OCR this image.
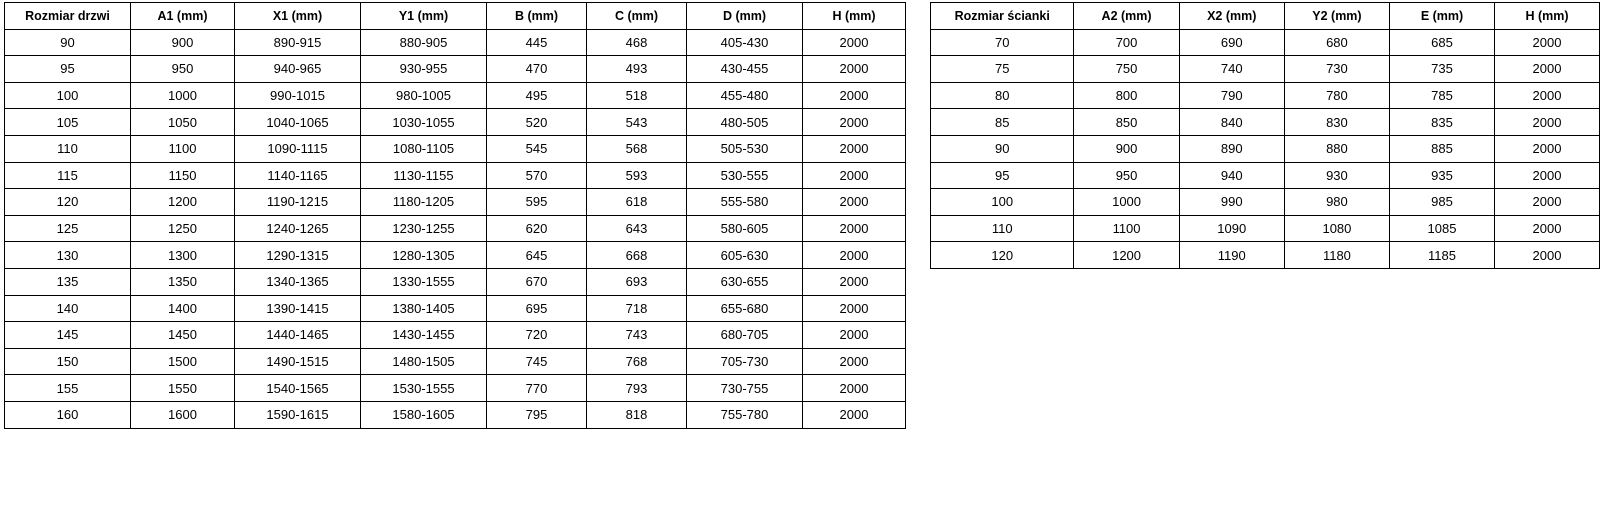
Rozmiar drzwi	A1 (mm)	X1 (mm)	Y1 (mm)	B (mm)	C (mm)	D (mm)	H (mm)
90	900	890-915	880-905	445	468	405-430	2000
95	950	940-965	930-955	470	493	430-455	2000
100	1000	990-1015	980-1005	495	518	455-480	2000
105	1050	1040-1065	1030-1055	520	543	480-505	2000
110	1100	1090-1115	1080-1105	545	568	505-530	2000
115	1150	1140-1165	1130-1155	570	593	530-555	2000
120	1200	1190-1215	1180-1205	595	618	555-580	2000
125	1250	1240-1265	1230-1255	620	643	580-605	2000
130	1300	1290-1315	1280-1305	645	668	605-630	2000
135	1350	1340-1365	1330-1555	670	693	630-655	2000
140	1400	1390-1415	1380-1405	695	718	655-680	2000
145	1450	1440-1465	1430-1455	720	743	680-705	2000
150	1500	1490-1515	1480-1505	745	768	705-730	2000
155	1550	1540-1565	1530-1555	770	793	730-755	2000
160	1600	1590-1615	1580-1605	795	818	755-780	2000
Rozmiar ścianki	A2 (mm)	X2 (mm)	Y2 (mm)	E (mm)	H (mm)
70	700	690	680	685	2000
75	750	740	730	735	2000
80	800	790	780	785	2000
85	850	840	830	835	2000
90	900	890	880	885	2000
95	950	940	930	935	2000
100	1000	990	980	985	2000
110	1100	1090	1080	1085	2000
120	1200	1190	1180	1185	2000
